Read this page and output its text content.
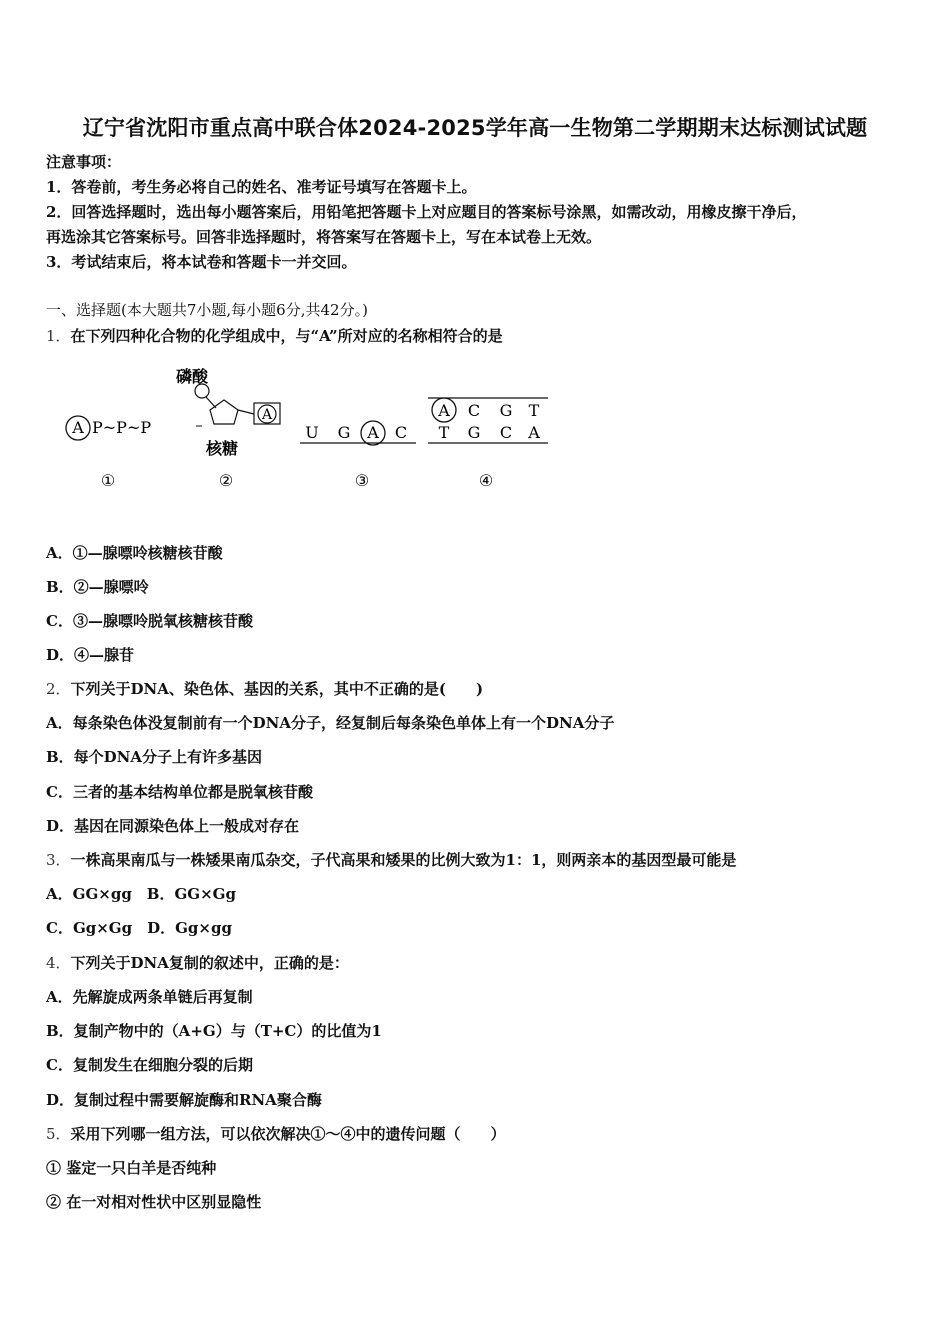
辽宁省沈阳市重点高中联合体2024-2025学年高一生物第二学期期末达标测试试题
注意事项：
1．答卷前，考生务必将自己的姓名、准考证号填写在答题卡上。
2．回答选择题时，选出每小题答案后，用铅笔把答题卡上对应题目的答案标号涂黑，如需改动，用橡皮擦干净后，
再选涂其它答案标号。回答非选择题时，将答案写在答题卡上，写在本试卷上无效。
3．考试结束后，将本试卷和答题卡一并交回。
一、选择题(本大题共7小题,每小题6分,共42分。)
1．在下列四种化合物的化学组成中，与“A”所对应的名称相符合的是
A P~P~P
①
磷酸
A
核糖
②
U G A C
③
A C G T
T G C A
④
A．①—腺嘌呤核糖核苷酸
B．②—腺嘌呤
C．③—腺嘌呤脱氧核糖核苷酸
D．④—腺苷
2．下列关于DNA、染色体、基因的关系，其中不正确的是(　　)
A．每条染色体没复制前有一个DNA分子，经复制后每条染色单体上有一个DNA分子
B．每个DNA分子上有许多基因
C．三者的基本结构单位都是脱氧核苷酸
D．基因在同源染色体上一般成对存在
3．一株高果南瓜与一株矮果南瓜杂交，子代高果和矮果的比例大致为1：1，则两亲本的基因型最可能是
A．GG×gg　B．GG×Gg
C．Gg×Gg　D．Gg×gg
4．下列关于DNA复制的叙述中，正确的是：
A．先解旋成两条单链后再复制
B．复制产物中的（A+G）与（T+C）的比值为1
C．复制发生在细胞分裂的后期
D．复制过程中需要解旋酶和RNA聚合酶
5．采用下列哪一组方法，可以依次解决①～④中的遗传问题（　　）
① 鉴定一只白羊是否纯种
② 在一对相对性状中区别显隐性
